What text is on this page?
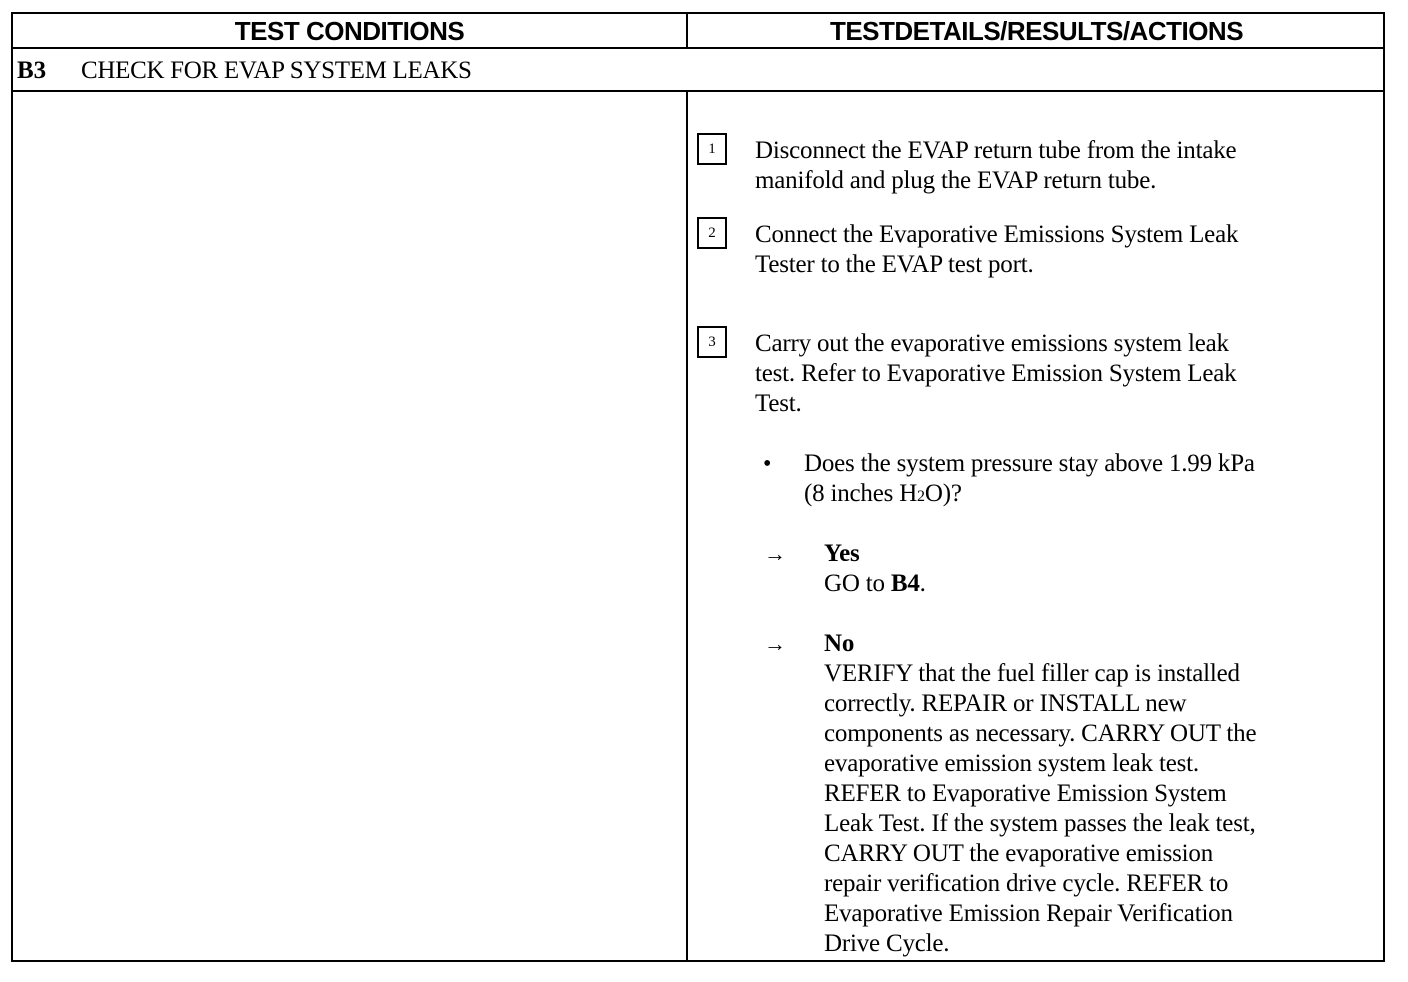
TEST CONDITIONS	TESTDETAILS/RESULTS/ACTIONS
B3 CHECK FOR EVAP SYSTEM LEAKS
1	Disconnect the EVAP return tube from the intake
manifold and plug the EVAP return tube.
2	Connect the Evaporative Emissions System Leak
Tester to the EVAP test port.
3	Carry out the evaporative emissions system leak
test. Refer to Evaporative Emission System Leak
Test.
• Does the system pressure stay above 1.99 kPa
(8 inches H2O)?
→ Yes
GO to B4.
→ No
VERIFY that the fuel filler cap is installed
correctly. REPAIR or INSTALL new
components as necessary. CARRY OUT the
evaporative emission system leak test.
REFER to Evaporative Emission System
Leak Test. If the system passes the leak test,
CARRY OUT the evaporative emission
repair verification drive cycle. REFER to
Evaporative Emission Repair Verification
Drive Cycle.
